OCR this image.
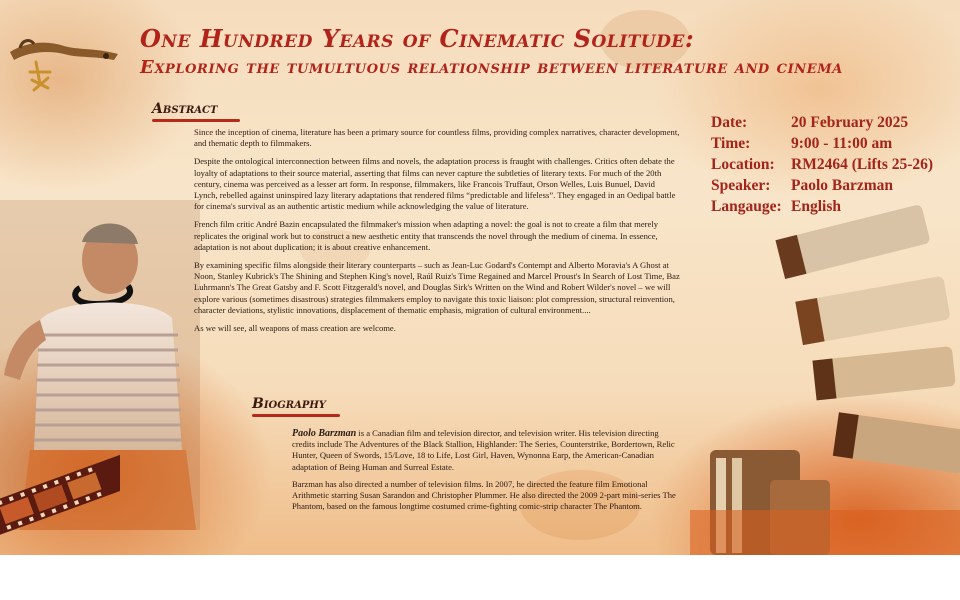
One Hundred Years of Cinematic Solitude:
Exploring the tumultuous relationship between literature and cinema
Abstract

Since the inception of cinema, literature has been a primary source for countless films, providing complex narratives, character development, and thematic depth to filmmakers.

Despite the ontological interconnection between films and novels, the adaptation process is fraught with challenges. Critics often debate the loyalty of adaptations to their source material, asserting that films can never capture the subtleties of literary texts. For much of the 20th century, cinema was perceived as a lesser art form. In response, filmmakers, like Francois Truffaut, Orson Welles, Luis Bunuel, David Lynch, rebelled against uninspired lazy literary adaptations that rendered films “predictable and lifeless”. They engaged in an Oedipal battle for cinema's survival as an authentic artistic medium while acknowledging the value of literature.

French film critic André Bazin encapsulated the filmmaker's mission when adapting a novel: the goal is not to create a film that merely replicates the original work but to construct a new aesthetic entity that transcends the novel through the medium of cinema. In essence, adaptation is not about duplication; it is about creative enhancement.

By examining specific films alongside their literary counterparts – such as Jean-Luc Godard's Contempt and Alberto Moravia's A Ghost at Noon, Stanley Kubrick's The Shining and Stephen King's novel, Raúl Ruiz's Time Regained and Marcel Proust's In Search of Lost Time, Baz Luhrmann's The Great Gatsby and F. Scott Fitzgerald's novel, and Douglas Sirk's Written on the Wind and Robert Wilder's novel – we will explore various (sometimes disastrous) strategies filmmakers employ to navigate this toxic liaison: plot compression, structural reinvention, character deviations, stylistic innovations, displacement of thematic emphasis, migration of cultural environment....

As we will see, all weapons of mass creation are welcome.

Biography

Paolo Barzman is a Canadian film and television director, and television writer. His television directing credits include The Adventures of the Black Stallion, Highlander: The Series, Counterstrike, Bordertown, Relic Hunter, Queen of Swords, 15/Love, 18 to Life, Lost Girl, Haven, Wynonna Earp, the American-Canadian adaptation of Being Human and Surreal Estate.

Barzman has also directed a number of television films. In 2007, he directed the feature film Emotional Arithmetic starring Susan Sarandon and Christopher Plummer. He also directed the 2009 2-part mini-series The Phantom, based on the famous longtime costumed crime-fighting comic-strip character The Phantom.

Date:	20 February 2025
Time:	9:00 - 11:00 am
Location:	RM2464 (Lifts 25-26)
Speaker:	Paolo Barzman
Langauge: English
